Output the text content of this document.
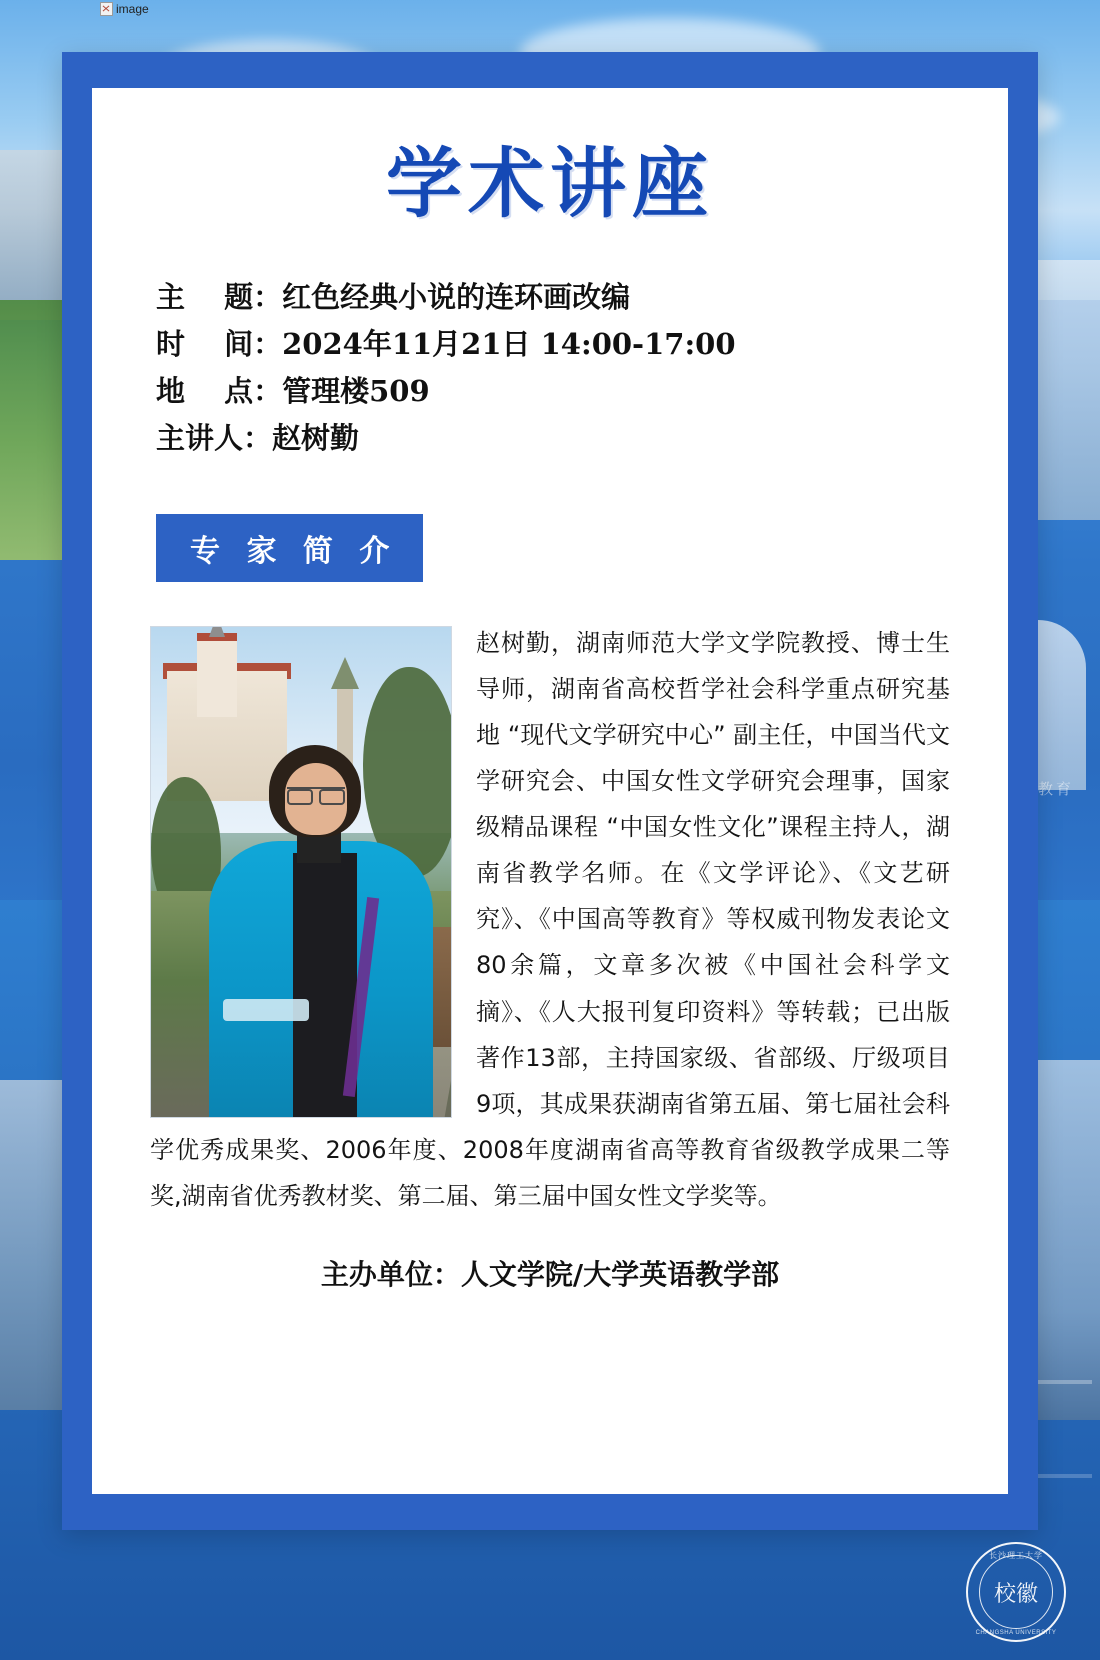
教育
image
学术讲座
主　 题： 红色经典小说的连环画改编
时　 间： 2024年11月21日 14:00-17:00
地　 点： 管理楼509
主讲人： 赵树勤
专 家 简 介
赵树勤，湖南师范大学文学院教授、博士生导师，湖南省高校哲学社会科学重点研究基地 “现代文学研究中心” 副主任，中国当代文学研究会、中国女性文学研究会理事，国家级精品课程 “中国女性文化”课程主持人，湖南省教学名师。在《文学评论》、《文艺研究》、《中国高等教育》等权威刊物发表论文80余篇，文章多次被《中国社会科学文摘》、《人大报刊复印资料》等转载；已出版著作13部，主持国家级、省部级、厅级项目9项，其成果获湖南省第五届、第七届社会科学优秀成果奖、2006年度、2008年度湖南省高等教育省级教学成果二等奖,湖南省优秀教材奖、第二届、第三届中国女性文学奖等。
主办单位：人文学院/大学英语教学部
长沙理工大学
校徽
CHANGSHA UNIVERSITY
